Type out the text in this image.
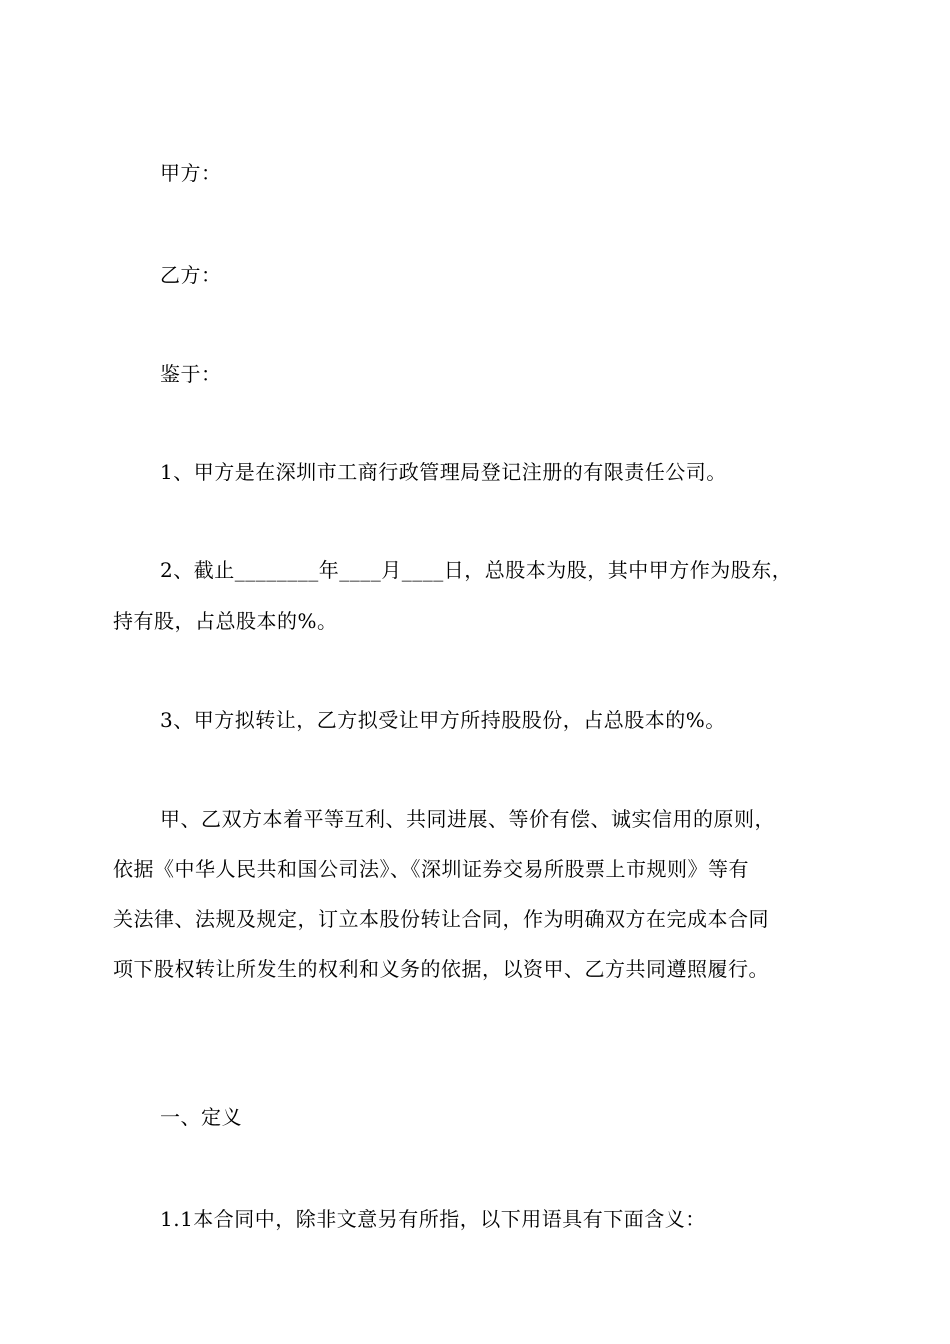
甲方：
乙方：
鉴于：
1、甲方是在深圳市工商行政管理局登记注册的有限责任公司。
2、截止________年____月____日，总股本为股，其中甲方作为股东，
持有股，占总股本的%。
3、甲方拟转让，乙方拟受让甲方所持股股份，占总股本的%。
甲、乙双方本着平等互利、共同进展、等价有偿、诚实信用的原则，
依据《中华人民共和国公司法》、《深圳证券交易所股票上市规则》等有
关法律、法规及规定，订立本股份转让合同，作为明确双方在完成本合同
项下股权转让所发生的权利和义务的依据，以资甲、乙方共同遵照履行。
一、定义
1.1本合同中，除非文意另有所指，以下用语具有下面含义：
